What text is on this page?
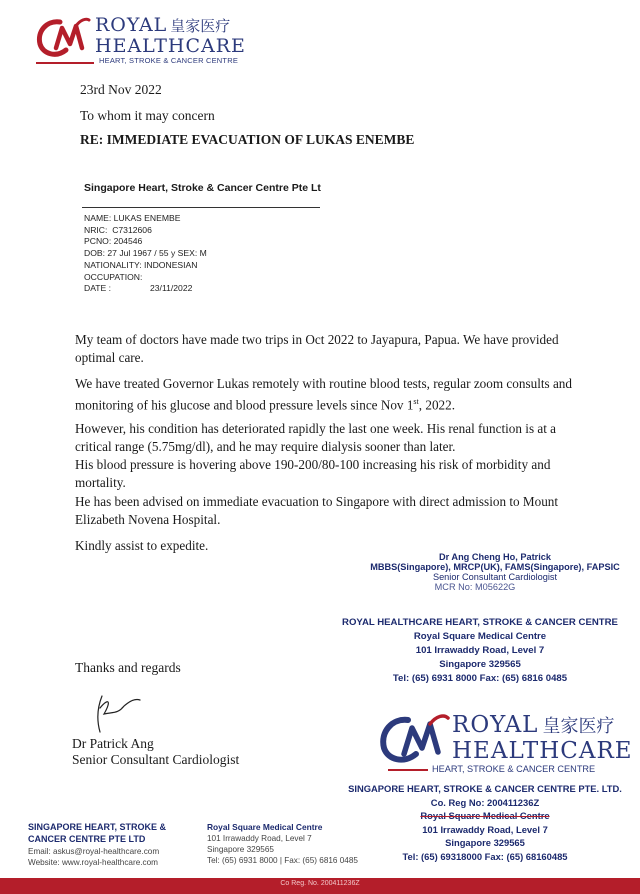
ROYAL 皇家医疗
HEALTHCARE
HEART, STROKE & CANCER CENTRE
23rd Nov 2022
To whom it may concern
RE: IMMEDIATE EVACUATION OF LUKAS ENEMBE
Singapore Heart, Stroke & Cancer Centre Pte Lt
NAME: LUKAS ENEMBE
NRIC: C7312606
PCNO: 204546
DOB: 27 Jul 1967 / 55 y SEX: M
NATIONALITY: INDONESIAN
OCCUPATION:
DATE :	23/11/2022
My team of doctors have made two trips in Oct 2022 to Jayapura, Papua. We have provided optimal care.
We have treated Governor Lukas remotely with routine blood tests, regular zoom consults and monitoring of his glucose and blood pressure levels since Nov 1st, 2022.
However, his condition has deteriorated rapidly the last one week. His renal function is at a critical range (5.75mg/dl), and he may require dialysis sooner than later.
His blood pressure is hovering above 190-200/80-100 increasing his risk of morbidity and mortality.
He has been advised on immediate evacuation to Singapore with direct admission to Mount Elizabeth Novena Hospital.
Kindly assist to expedite.
Dr Ang Cheng Ho, Patrick
MBBS(Singapore), MRCP(UK), FAMS(Singapore), FAPSIC
Senior Consultant Cardiologist
MCR No: M05622G
ROYAL HEALTHCARE HEART, STROKE & CANCER CENTRE
Royal Square Medical Centre
101 Irrawaddy Road, Level 7
Singapore 329565
Tel: (65) 6931 8000 Fax: (65) 6816 0485
Thanks and regards
Dr Patrick Ang
Senior Consultant Cardiologist
ROYAL 皇家医疗
HEALTHCARE
HEART, STROKE & CANCER CENTRE
SINGAPORE HEART, STROKE & CANCER CENTRE PTE. LTD.
Co. Reg No: 200411236Z
Royal Square Medical Centre
101 Irrawaddy Road, Level 7
Singapore 329565
Tel: (65) 69318000 Fax: (65) 68160485
SINGAPORE HEART, STROKE &
CANCER CENTRE PTE LTD
Email: askus@royal-healthcare.com
Website: www.royal-healthcare.com
Royal Square Medical Centre
101 Irrawaddy Road, Level 7
Singapore 329565
Tel: (65) 6931 8000 | Fax: (65) 6816 0485
Co Reg. No. 200411236Z
